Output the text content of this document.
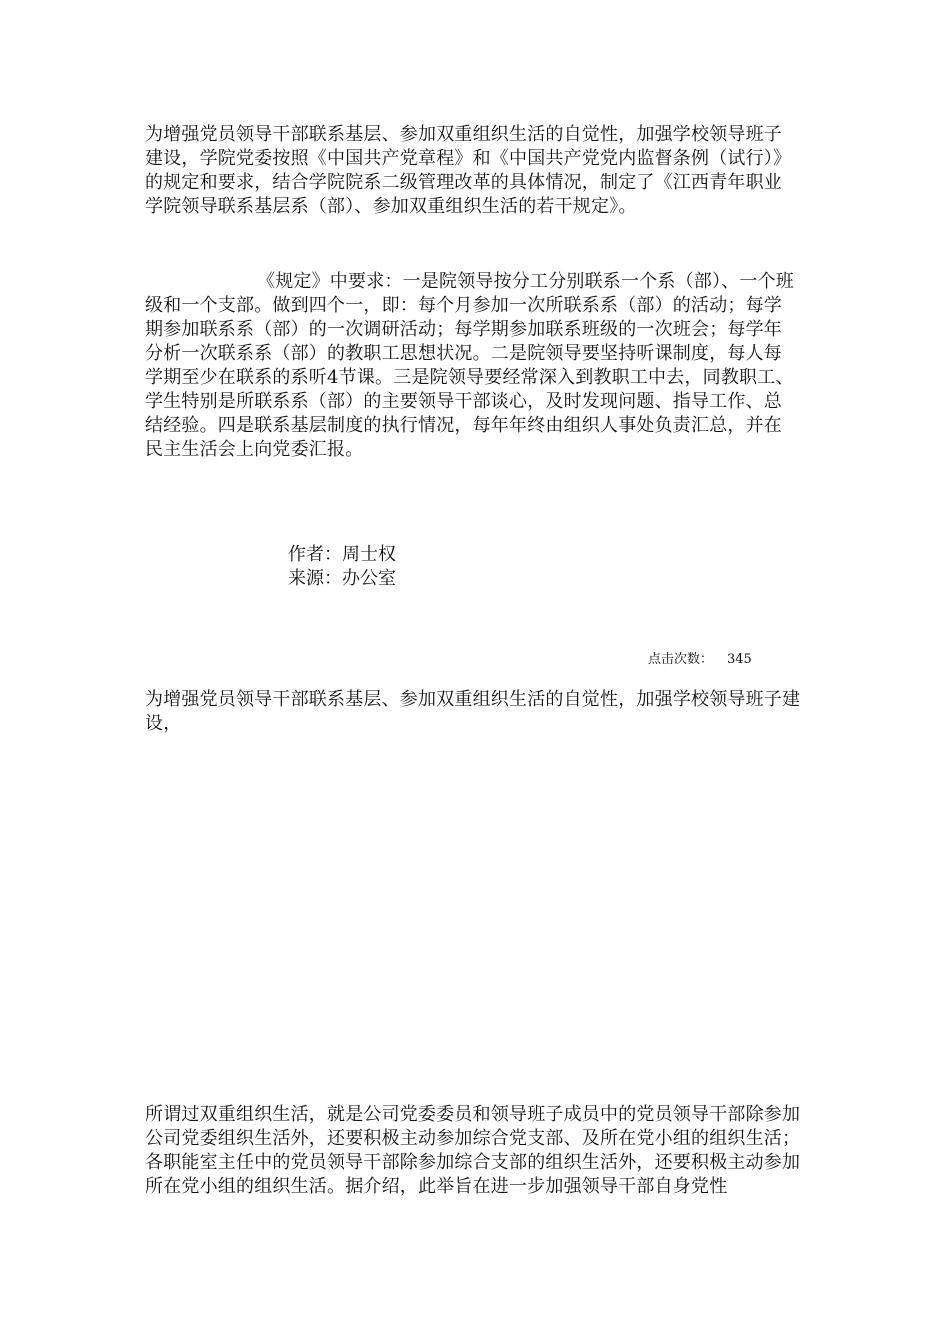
为增强党员领导干部联系基层、参加双重组织生活的自觉性，加强学校领导班子建设，学院党委按照《中国共产党章程》和《中国共产党党内监督条例（试行）》的规定和要求，结合学院院系二级管理改革的具体情况，制定了《江西青年职业学院领导联系基层系（部）、参加双重组织生活的若干规定》。

《规定》中要求：一是院领导按分工分别联系一个系（部）、一个班级和一个支部。做到四个一，即：每个月参加一次所联系系（部）的活动；每学期参加联系系（部）的一次调研活动；每学期参加联系班级的一次班会；每学年分析一次联系系（部）的教职工思想状况。二是院领导要坚持听课制度，每人每学期至少在联系的系听4节课。三是院领导要经常深入到教职工中去，同教职工、学生特别是所联系系（部）的主要领导干部谈心，及时发现问题、指导工作、总结经验。四是联系基层制度的执行情况，每年年终由组织人事处负责汇总，并在民主生活会上向党委汇报。

作者：周士权

来源：办公室

点击次数： 345

为增强党员领导干部联系基层、参加双重组织生活的自觉性，加强学校领导班子建设，

所谓过双重组织生活，就是公司党委委员和领导班子成员中的党员领导干部除参加公司党委组织生活外，还要积极主动参加综合党支部、及所在党小组的组织生活；各职能室主任中的党员领导干部除参加综合支部的组织生活外，还要积极主动参加所在党小组的组织生活。据介绍，此举旨在进一步加强领导干部自身党性
